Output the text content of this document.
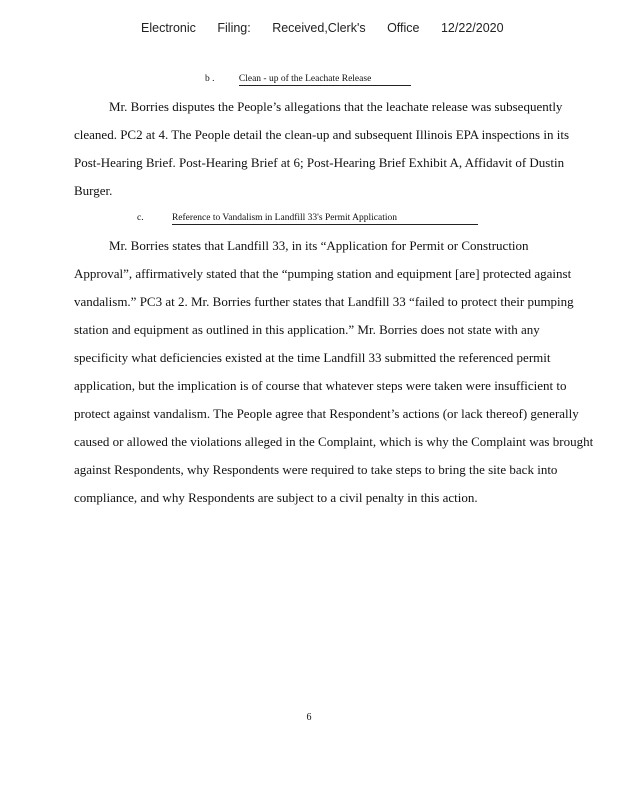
Electronic Filing: Received,Clerk's Office 12/22/2020
b .	Clean - up of the Leachate Release
Mr. Borries disputes the People’s allegations that the leachate release was subsequently
cleaned. PC2 at 4. The People detail the clean-up and subsequent Illinois EPA inspections in its
Post-Hearing Brief. Post-Hearing Brief at 6; Post-Hearing Brief Exhibit A, Affidavit of Dustin
Burger.
c.	Reference to Vandalism in Landfill 33's Permit Application
Mr. Borries states that Landfill 33, in its “Application for Permit or Construction
Approval”, affirmatively stated that the “pumping station and equipment [are] protected against
vandalism.” PC3 at 2. Mr. Borries further states that Landfill 33 “failed to protect their pumping
station and equipment as outlined in this application.” Mr. Borries does not state with any
specificity what deficiencies existed at the time Landfill 33 submitted the referenced permit
application, but the implication is of course that whatever steps were taken were insufficient to
protect against vandalism. The People agree that Respondent’s actions (or lack thereof) generally
caused or allowed the violations alleged in the Complaint, which is why the Complaint was brought
against Respondents, why Respondents were required to take steps to bring the site back into
compliance, and why Respondents are subject to a civil penalty in this action.
6
